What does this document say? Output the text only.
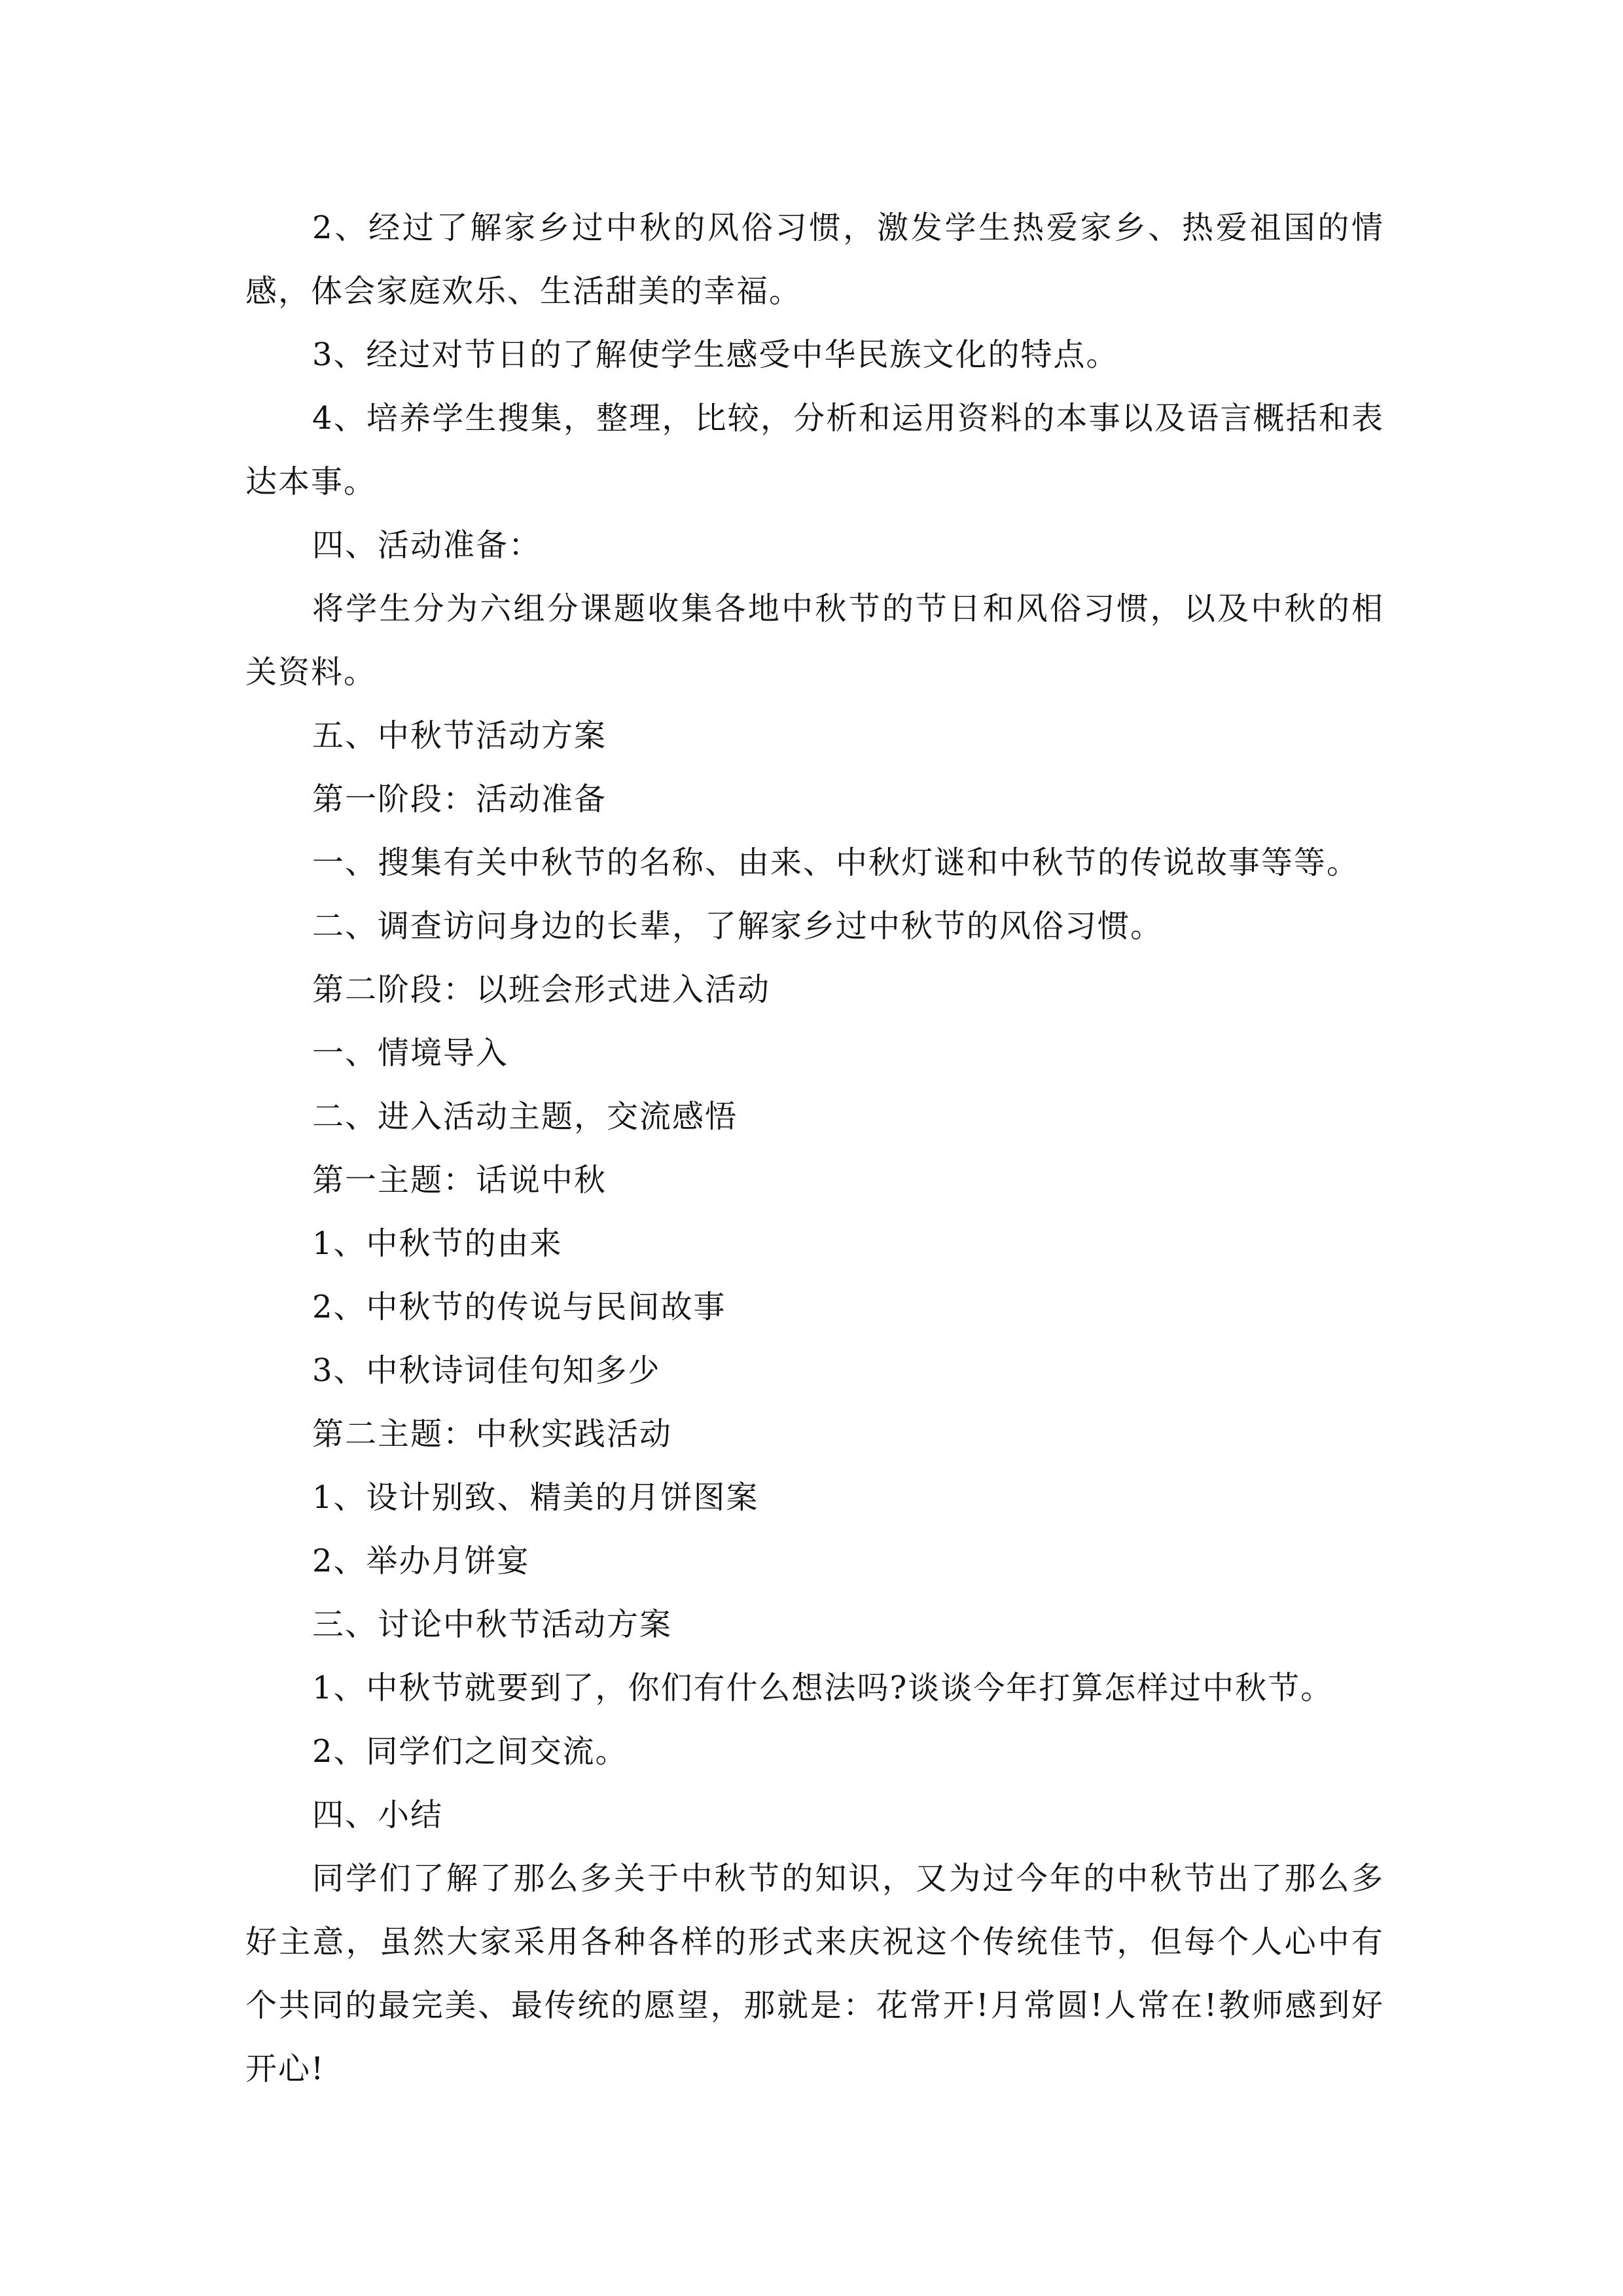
2、经过了解家乡过中秋的风俗习惯，激发学生热爱家乡、热爱祖国的情感，体会家庭欢乐、生活甜美的幸福。

3、经过对节日的了解使学生感受中华民族文化的特点。

4、培养学生搜集，整理，比较，分析和运用资料的本事以及语言概括和表达本事。

四、活动准备：

将学生分为六组分课题收集各地中秋节的节日和风俗习惯，以及中秋的相关资料。

五、中秋节活动方案

第一阶段：活动准备

一、搜集有关中秋节的名称、由来、中秋灯谜和中秋节的传说故事等等。

二、调查访问身边的长辈，了解家乡过中秋节的风俗习惯。

第二阶段：以班会形式进入活动

一、情境导入

二、进入活动主题，交流感悟

第一主题：话说中秋

1、中秋节的由来

2、中秋节的传说与民间故事

3、中秋诗词佳句知多少

第二主题：中秋实践活动

1、设计别致、精美的月饼图案

2、举办月饼宴

三、讨论中秋节活动方案

1、中秋节就要到了，你们有什么想法吗?谈谈今年打算怎样过中秋节。

2、同学们之间交流。

四、小结

同学们了解了那么多关于中秋节的知识，又为过今年的中秋节出了那么多好主意，虽然大家采用各种各样的形式来庆祝这个传统佳节，但每个人心中有个共同的最完美、最传统的愿望，那就是：花常开!月常圆!人常在!教师感到好开心!
